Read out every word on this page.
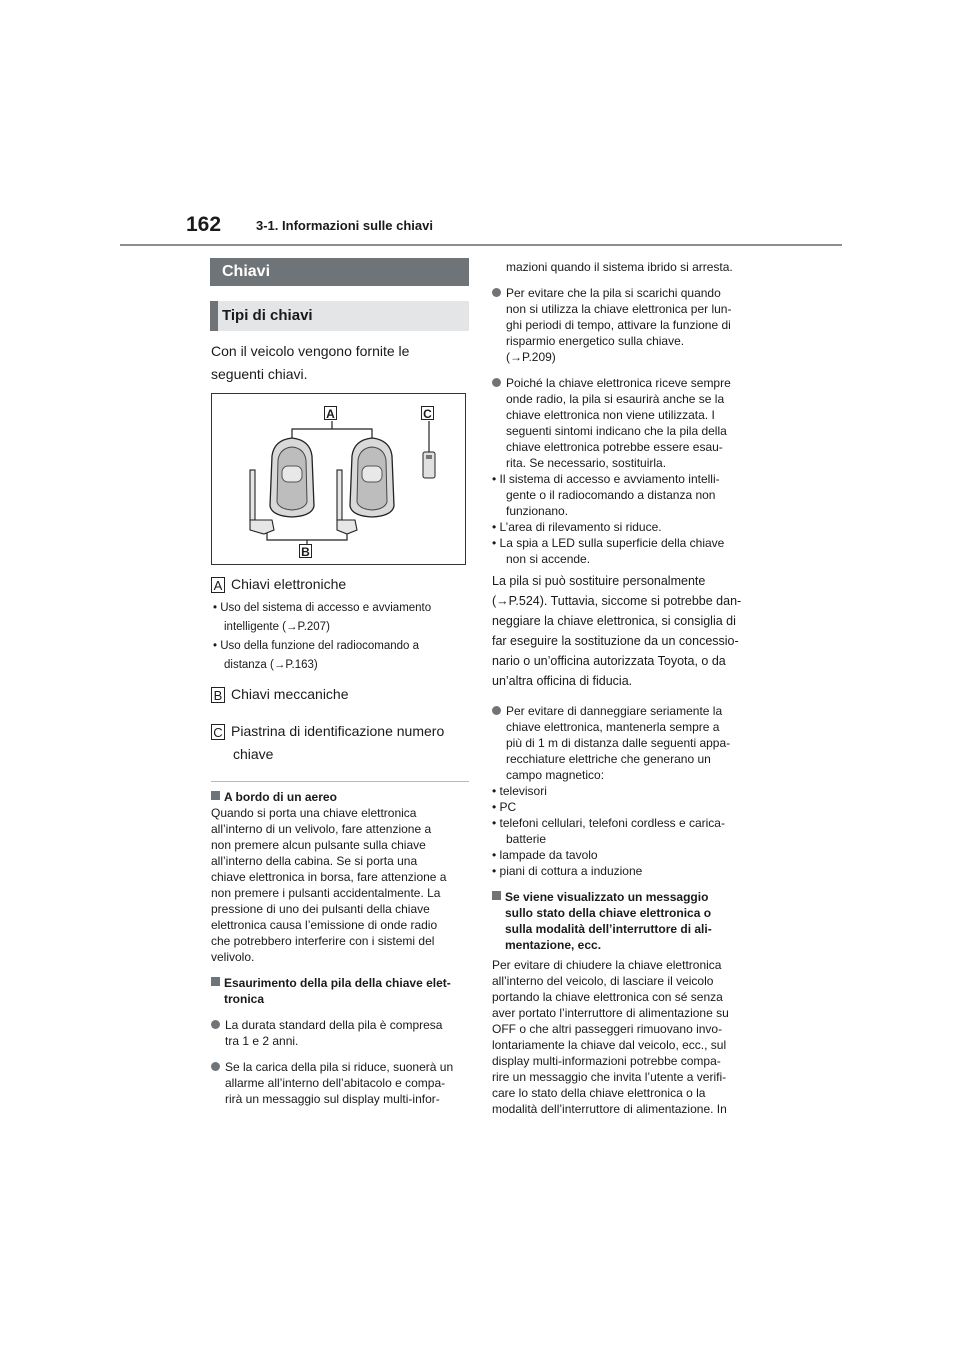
162	3-1. Informazioni sulle chiavi
Chiavi
Tipi di chiavi
Con il veicolo vengono fornite le
seguenti chiavi.
A	C
B
A Chiavi elettroniche
• Uso del sistema di accesso e avviamento
intelligente (→P.207)
• Uso della funzione del radiocomando a
distanza (→P.163)
B Chiavi meccaniche
C Piastrina di identificazione numero
chiave
A bordo di un aereo
Quando si porta una chiave elettronica
all’interno di un velivolo, fare attenzione a
non premere alcun pulsante sulla chiave
all’interno della cabina. Se si porta una
chiave elettronica in borsa, fare attenzione a
non premere i pulsanti accidentalmente. La
pressione di uno dei pulsanti della chiave
elettronica causa l’emissione di onde radio
che potrebbero interferire con i sistemi del
velivolo.
Esaurimento della pila della chiave elet-
tronica
La durata standard della pila è compresa
tra 1 e 2 anni.
Se la carica della pila si riduce, suonerà un
allarme all’interno dell’abitacolo e compa-
rirà un messaggio sul display multi-infor-
mazioni quando il sistema ibrido si arresta.
Per evitare che la pila si scarichi quando
non si utilizza la chiave elettronica per lun-
ghi periodi di tempo, attivare la funzione di
risparmio energetico sulla chiave.
(→P.209)
Poiché la chiave elettronica riceve sempre
onde radio, la pila si esaurirà anche se la
chiave elettronica non viene utilizzata. I
seguenti sintomi indicano che la pila della
chiave elettronica potrebbe essere esau-
rita. Se necessario, sostituirla.
• Il sistema di accesso e avviamento intelli-
gente o il radiocomando a distanza non
funzionano.
• L’area di rilevamento si riduce.
• La spia a LED sulla superficie della chiave
non si accende.
La pila si può sostituire personalmente
(→P.524). Tuttavia, siccome si potrebbe dan-
neggiare la chiave elettronica, si consiglia di
far eseguire la sostituzione da un concessio-
nario o un’officina autorizzata Toyota, o da
un’altra officina di fiducia.
Per evitare di danneggiare seriamente la
chiave elettronica, mantenerla sempre a
più di 1 m di distanza dalle seguenti appa-
recchiature elettriche che generano un
campo magnetico:
• televisori
• PC
• telefoni cellulari, telefoni cordless e carica-
batterie
• lampade da tavolo
• piani di cottura a induzione
Se viene visualizzato un messaggio
sullo stato della chiave elettronica o
sulla modalità dell’interruttore di ali-
mentazione, ecc.
Per evitare di chiudere la chiave elettronica
all’interno del veicolo, di lasciare il veicolo
portando la chiave elettronica con sé senza
aver portato l’interruttore di alimentazione su
OFF o che altri passeggeri rimuovano invo-
lontariamente la chiave dal veicolo, ecc., sul
display multi-informazioni potrebbe compa-
rire un messaggio che invita l’utente a verifi-
care lo stato della chiave elettronica o la
modalità dell’interruttore di alimentazione. In
